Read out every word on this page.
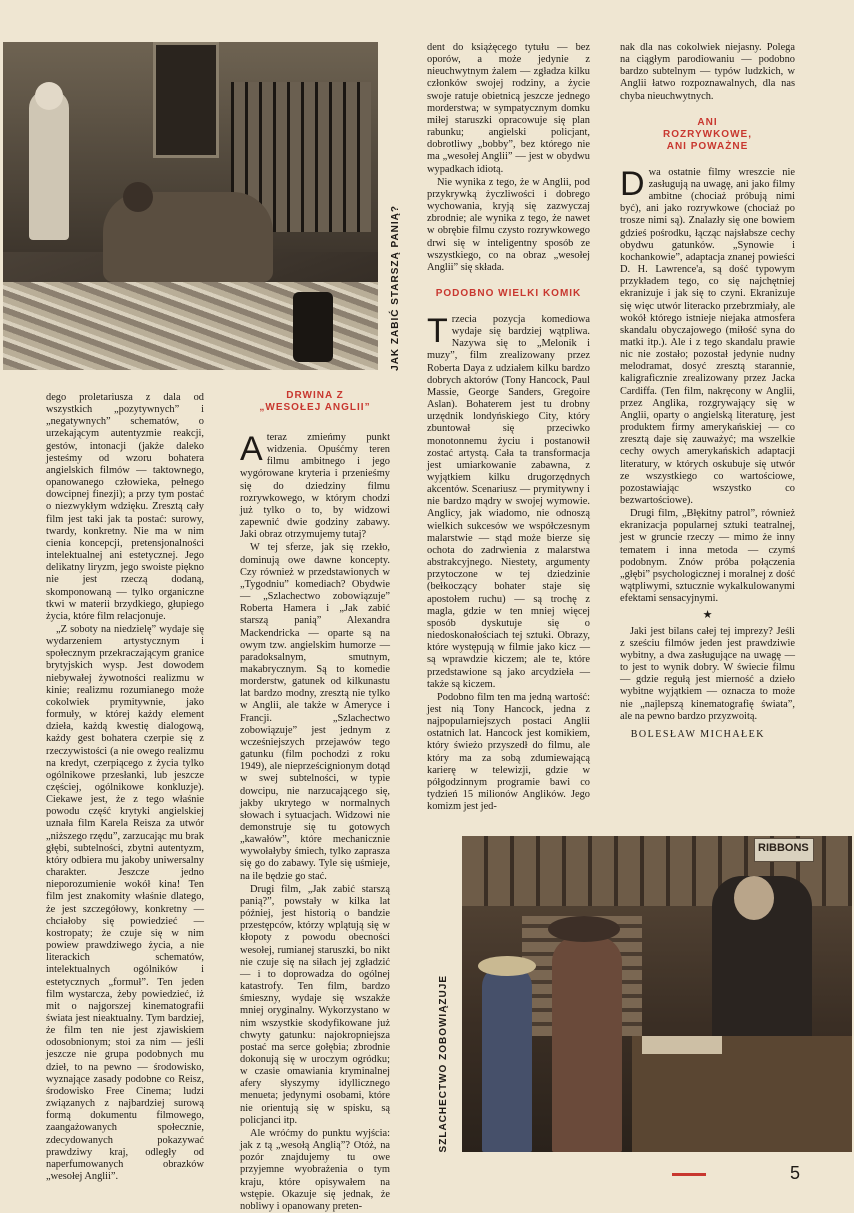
JAK ZABIĆ STARSZĄ PANIĄ?

dego proletariusza z dala od wszystkich „pozytywnych” i „negatywnych” schematów, o urzekającym autentyzmie reakcji, gestów, intonacji (jakże daleko jesteśmy od wzoru bohatera angielskich filmów — taktownego, opanowanego człowieka, pełnego dowcipnej finezji); a przy tym postać o niezwykłym wdzięku. Zresztą cały film jest taki jak ta postać: surowy, twardy, konkretny. Nie ma w nim cienia koncepcji, pretensjonalności intelektualnej ani estetycznej. Jego delikatny liryzm, jego swoiste piękno nie jest rzeczą dodaną, skomponowaną — tylko organiczne tkwi w materii brzydkiego, głupiego życia, które film relacjonuje.

„Z soboty na niedzielę” wydaje się wydarzeniem artystycznym i społecznym przekraczającym granice brytyjskich wysp. Jest dowodem niebywałej żywotności realizmu w kinie; realizmu rozumianego może cokolwiek prymitywnie, jako formuły, w której każdy element dzieła, każdą kwestię dialogową, każdy gest bohatera czerpie się z rzeczywistości (a nie owego realizmu na kredyt, czerpiącego z życia tylko ogólnikowe przesłanki, lub jeszcze częściej, ogólnikowe konkluzje). Ciekawe jest, że z tego właśnie powodu część krytyki angielskiej uznała film Karela Reisza za utwór „niższego rzędu”, zarzucając mu brak głębi, subtelności, zbytni autentyzm, który odbiera mu jakoby uniwersalny charakter. Jeszcze jedno nieporozumienie wokół kina! Ten film jest znakomity właśnie dlatego, że jest szczegółowy, konkretny — chciałoby się powiedzieć — kostropaty; że czuje się w nim powiew prawdziwego życia, a nie literackich schematów, intelektualnych ogólników i estetycznych „formuł”. Ten jeden film wystarcza, żeby powiedzieć, iż mit o najgorszej kinematografii świata jest nieaktualny. Tym bardziej, że film ten nie jest zjawiskiem odosobnionym; stoi za nim — jeśli jeszcze nie grupa podobnych mu dzieł, to na pewno — środowisko, wyznające zasady podobne co Reisz, środowisko Free Cinema; ludzi związanych z najbardziej surową formą dokumentu filmowego, zaangażowanych społecznie, zdecydowanych pokazywać prawdziwy kraj, odległy od naperfumowanych obrazków „wesołej Anglii”.

DRWINA Z „WESOŁEJ ANGLII”

Ateraz zmieńmy punkt widzenia. Opuśćmy teren filmu ambitnego i jego wygórowane kryteria i przenieśmy się do dziedziny filmu rozrywkowego, w którym chodzi już tylko o to, by widzowi zapewnić dwie godziny zabawy. Jaki obraz otrzymujemy tutaj?

W tej sferze, jak się rzekło, dominują owe dawne koncepty. Czy również w przedstawionych w „Tygodniu” komediach? Obydwie — „Szlachectwo zobowiązuje” Roberta Hamera i „Jak zabić starszą panią” Alexandra Mackendricka — oparte są na owym tzw. angielskim humorze — paradoksalnym, smutnym, makabrycznym. Są to komedie morderstw, gatunek od kilkunastu lat bardzo modny, zresztą nie tylko w Anglii, ale także w Ameryce i Francji. „Szlachectwo zobowiązuje” jest jednym z wcześniejszych przejawów tego gatunku (film pochodzi z roku 1949), ale nieprześcignionym dotąd w swej subtelności, w typie dowcipu, nie narzucającego się, jakby ukrytego w normalnych słowach i sytuacjach. Widzowi nie demonstruje się tu gotowych „kawałów”, które mechanicznie wywołałyby śmiech, tylko zaprasza się go do zabawy. Tyle się uśmieje, na ile będzie go stać.

Drugi film, „Jak zabić starszą panią?”, powstały w kilka lat później, jest historią o bandzie przestępców, którzy wplątują się w kłopoty z powodu obecności wesołej, rumianej staruszki, bo nikt nie czuje się na siłach jej zgładzić — i to doprowadza do ogólnej katastrofy. Ten film, bardzo śmieszny, wydaje się wszakże mniej oryginalny. Wykorzystano w nim wszystkie skodyfikowane już chwyty gatunku: najokropniejsza postać ma serce gołębia; zbrodnie dokonują się w uroczym ogródku; w czasie omawiania kryminalnej afery słyszymy idyllicznego menueta; jedynymi osobami, które nie orientują się w spisku, są policjanci itp.

Ale wróćmy do punktu wyjścia: jak z tą „wesołą Anglią”? Otóż, na pozór znajdujemy tu owe przyjemne wyobrażenia o tym kraju, które opisywałem na wstępie. Okazuje się jednak, że nobliwy i opanowany preten-

dent do książęcego tytułu — bez oporów, a może jedynie z nieuchwytnym żalem — zgładza kilku członków swojej rodziny, a życie swoje ratuje obietnicą jeszcze jednego morderstwa; w sympatycznym domku miłej staruszki opracowuje się plan rabunku; angielski policjant, dobrotliwy „bobby”, bez którego nie ma „wesołej Anglii” — jest w obydwu wypadkach idiotą.

Nie wynika z tego, że w Anglii, pod przykrywką życzliwości i dobrego wychowania, kryją się zazwyczaj zbrodnie; ale wynika z tego, że nawet w obrębie filmu czysto rozrywkowego drwi się w inteligentny sposób ze wszystkiego, co na obraz „wesołej Anglii” się składa.

PODOBNO WIELKI KOMIK

Trzecia pozycja komediowa wydaje się bardziej wątpliwa. Nazywa się to „Melonik i muzy”, film zrealizowany przez Roberta Daya z udziałem kilku bardzo dobrych aktorów (Tony Hancock, Paul Massie, George Sanders, Gregoire Aslan). Bohaterem jest tu drobny urzędnik londyńskiego City, który zbuntował się przeciwko monotonnemu życiu i postanowił zostać artystą. Cała ta transformacja jest umiarkowanie zabawna, z wyjątkiem kilku drugorzędnych akcentów. Scenariusz — prymitywny i nie bardzo mądry w swojej wymowie. Anglicy, jak wiadomo, nie odnoszą wielkich sukcesów we współczesnym malarstwie — stąd może bierze się ochota do zadrwienia z malarstwa abstrakcyjnego. Niestety, argumenty przytoczone w tej dziedzinie (bełkoczący bohater staje się apostołem ruchu) — są trochę z magla, gdzie w ten mniej więcej sposób dyskutuje się o niedoskonałościach tej sztuki. Obrazy, które występują w filmie jako kicz — są wprawdzie kiczem; ale te, które przedstawione są jako arcydzieła — także są kiczem.

Podobno film ten ma jedną wartość: jest nią Tony Hancock, jedna z najpopularniejszych postaci Anglii ostatnich lat. Hancock jest komikiem, który świeżo przyszedł do filmu, ale który ma za sobą zdumiewającą karierę w telewizji, gdzie w półgodzinnym programie bawi co tydzień 15 milionów Anglików. Jego komizm jest jed-

nak dla nas cokolwiek niejasny. Polega na ciągłym parodiowaniu — podobno bardzo subtelnym — typów ludzkich, w Anglii łatwo rozpoznawalnych, dla nas chyba nieuchwytnych.

ANI ROZRYWKOWE, ANI POWAŻNE

Dwa ostatnie filmy wreszcie nie zasługują na uwagę, ani jako filmy ambitne (chociaż próbują nimi być), ani jako rozrywkowe (chociaż po trosze nimi są). Znalazły się one bowiem gdzieś pośrodku, łącząc najsłabsze cechy obydwu gatunków. „Synowie i kochankowie”, adaptacja znanej powieści D. H. Lawrence'a, są dość typowym przykładem tego, co się najchętniej ekranizuje i jak się to czyni. Ekranizuje się więc utwór literacko przebrzmiały, ale wokół którego istnieje niejaka atmosfera skandalu obyczajowego (miłość syna do matki itp.). Ale i z tego skandalu prawie nic nie zostało; pozostał jedynie nudny melodramat, dosyć zresztą starannie, kaligraficznie zrealizowany przez Jacka Cardiffa. (Ten film, nakręcony w Anglii, przez Anglika, rozgrywający się w Anglii, oparty o angielską literaturę, jest produktem firmy amerykańskiej — co zresztą daje się zauważyć; ma wszelkie cechy owych amerykańskich adaptacji literatury, w których oskubuje się utwór ze wszystkiego co wartościowe, pozostawiając wszystko co bezwartościowe).

Drugi film, „Błękitny patrol”, również ekranizacja popularnej sztuki teatralnej, jest w gruncie rzeczy — mimo że inny tematem i inna metoda — czymś podobnym. Znów próba połączenia „głębi” psychologicznej i moralnej z dość wątpliwymi, sztucznie wykalkulowanymi efektami sensacyjnymi.

★

Jaki jest bilans całej tej imprezy? Jeśli z sześciu filmów jeden jest prawdziwie wybitny, a dwa zasługujące na uwagę — to jest to wynik dobry. W świecie filmu — gdzie regułą jest mierność a dzieło wybitne wyjątkiem — oznacza to może nie „najlepszą kinematografię świata”, ale na pewno bardzo przyzwoitą.

BOLESŁAW MICHAŁEK
RIBBONS
SZLACHECTWO ZOBOWIĄZUJE
5
